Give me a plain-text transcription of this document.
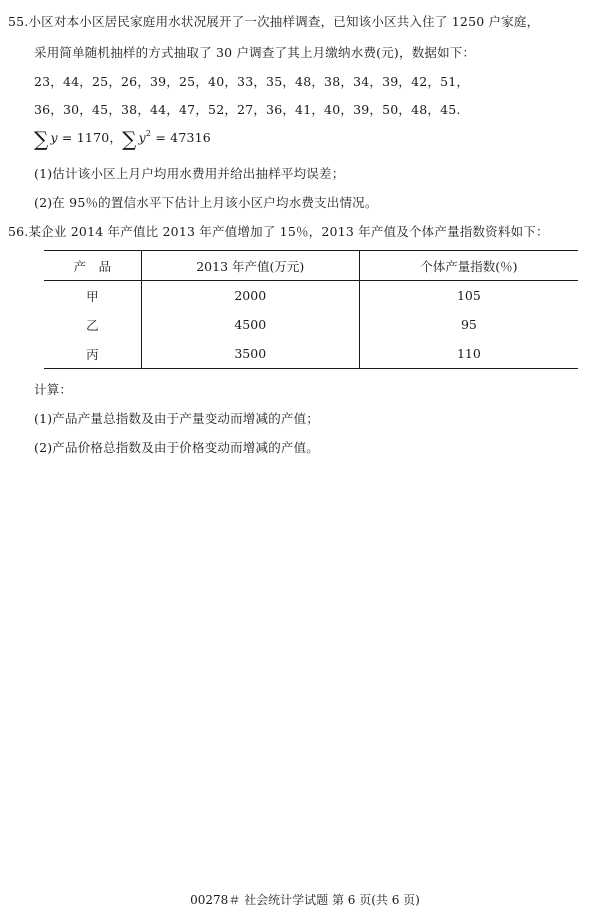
55.小区对本小区居民家庭用水状况展开了一次抽样调查，已知该小区共入住了 1250 户家庭，
采用简单随机抽样的方式抽取了 30 户调查了其上月缴纳水费(元)，数据如下：
23，44，25，26，39，25，40，33，35，48，38，34，39，42，51，
36，30，45，38，44，47，52，27，36，41，40，39，50，48，45.
∑ y = 1170，∑ $y^2 = 47316$
(1)估计该小区上月户均用水费用并给出抽样平均误差；
(2)在 95％的置信水平下估计上月该小区户均水费支出情况。
56.某企业 2014 年产值比 2013 年产值增加了 15％，2013 年产值及个体产量指数资料如下：
产　品	2013 年产值(万元)	个体产量指数(％)
甲	2000	105
乙	4500	95
丙	3500	110
计算：
(1)产品产量总指数及由于产量变动而增减的产值；
(2)产品价格总指数及由于价格变动而增减的产值。
00278＃ 社会统计学试题 第 6 页(共 6 页)
